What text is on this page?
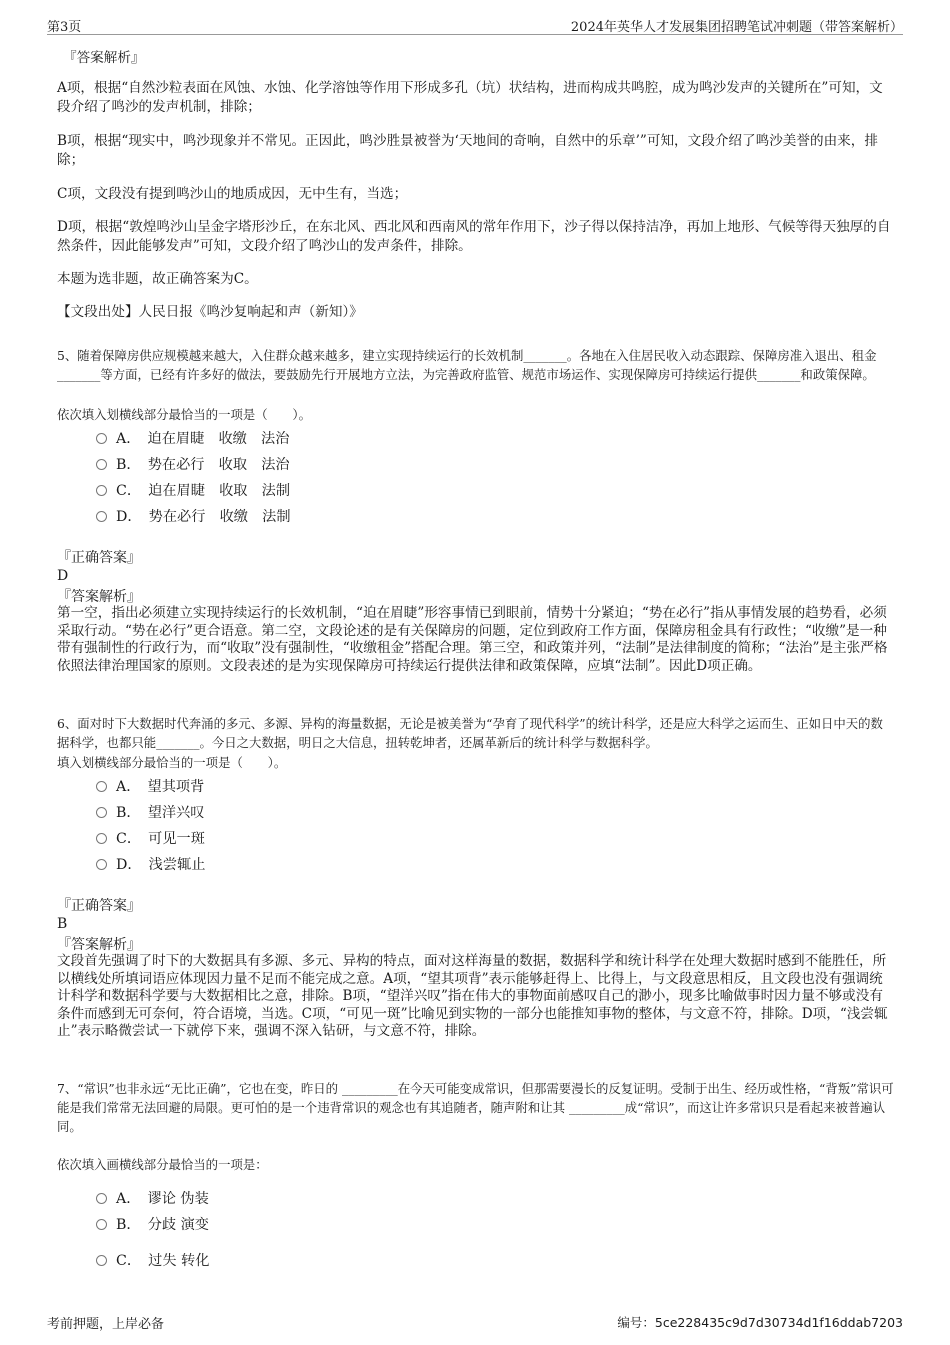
第3页	2024年英华人才发展集团招聘笔试冲刺题（带答案解析）
『答案解析』

A项，根据“自然沙粒表面在风蚀、水蚀、化学溶蚀等作用下形成多孔（坑）状结构，进而构成共鸣腔，成为鸣沙发声的关键所在”可知，文段介绍了鸣沙的发声机制，排除；

B项，根据“现实中，鸣沙现象并不常见。正因此，鸣沙胜景被誉为‘天地间的奇响，自然中的乐章’”可知，文段介绍了鸣沙美誉的由来，排除；

C项，文段没有提到鸣沙山的地质成因，无中生有，当选；

D项，根据“敦煌鸣沙山呈金字塔形沙丘，在东北风、西北风和西南风的常年作用下，沙子得以保持洁净，再加上地形、气候等得天独厚的自然条件，因此能够发声”可知，文段介绍了鸣沙山的发声条件，排除。

本题为选非题，故正确答案为C。

【文段出处】人民日报《鸣沙复响起和声（新知）》

5、随着保障房供应规模越来越大，入住群众越来越多，建立实现持续运行的长效机制_______。各地在入住居民收入动态跟踪、保障房准入退出、租金_______等方面，已经有许多好的做法，要鼓励先行开展地方立法，为完善政府监管、规范市场运作、实现保障房可持续运行提供_______和政策保障。

依次填入划横线部分最恰当的一项是（　　）。

A．　迫在眉睫　收缴　法治
B．　势在必行　收取　法治
C．　迫在眉睫　收取　法制
D．　势在必行　收缴　法制
『正确答案』
D
『答案解析』

第一空，指出必须建立实现持续运行的长效机制，“迫在眉睫”形容事情已到眼前，情势十分紧迫；“势在必行”指从事情发展的趋势看，必须采取行动。“势在必行”更合语意。第二空，文段论述的是有关保障房的问题，定位到政府工作方面，保障房租金具有行政性；“收缴”是一种带有强制性的行政行为，而“收取”没有强制性，“收缴租金”搭配合理。第三空，和政策并列，“法制”是法律制度的简称；“法治”是主张严格依照法律治理国家的原则。文段表述的是为实现保障房可持续运行提供法律和政策保障，应填“法制”。因此D项正确。

6、面对时下大数据时代奔涌的多元、多源、异构的海量数据，无论是被美誉为“孕育了现代科学”的统计科学，还是应大科学之运而生、正如日中天的数据科学，也都只能_______。今日之大数据，明日之大信息，扭转乾坤者，还属革新后的统计科学与数据科学。

填入划横线部分最恰当的一项是（　　）。

A．　望其项背
B．　望洋兴叹
C．　可见一斑
D．　浅尝辄止
『正确答案』
B
『答案解析』

文段首先强调了时下的大数据具有多源、多元、异构的特点，面对这样海量的数据，数据科学和统计科学在处理大数据时感到不能胜任，所以横线处所填词语应体现因力量不足而不能完成之意。A项，“望其项背”表示能够赶得上、比得上，与文段意思相反，且文段也没有强调统计科学和数据科学要与大数据相比之意，排除。B项，“望洋兴叹”指在伟大的事物面前感叹自己的渺小，现多比喻做事时因力量不够或没有条件而感到无可奈何，符合语境，当选。C项，“可见一斑”比喻见到实物的一部分也能推知事物的整体，与文意不符，排除。D项，“浅尝辄止”表示略微尝试一下就停下来，强调不深入钻研，与文意不符，排除。

7、“常识”也非永远“无比正确”，它也在变，昨日的 _________在今天可能变成常识，但那需要漫长的反复证明。受制于出生、经历或性格，“背叛”常识可能是我们常常无法回避的局限。更可怕的是一个违背常识的观念也有其追随者，随声附和让其 _________成“常识”，而这让许多常识只是看起来被普遍认同。

依次填入画横线部分最恰当的一项是：

A．　谬论 伪装
B．　分歧 演变
C．　过失 转化
考前押题，上岸必备	编号：5ce228435c9d7d30734d1f16ddab7203
